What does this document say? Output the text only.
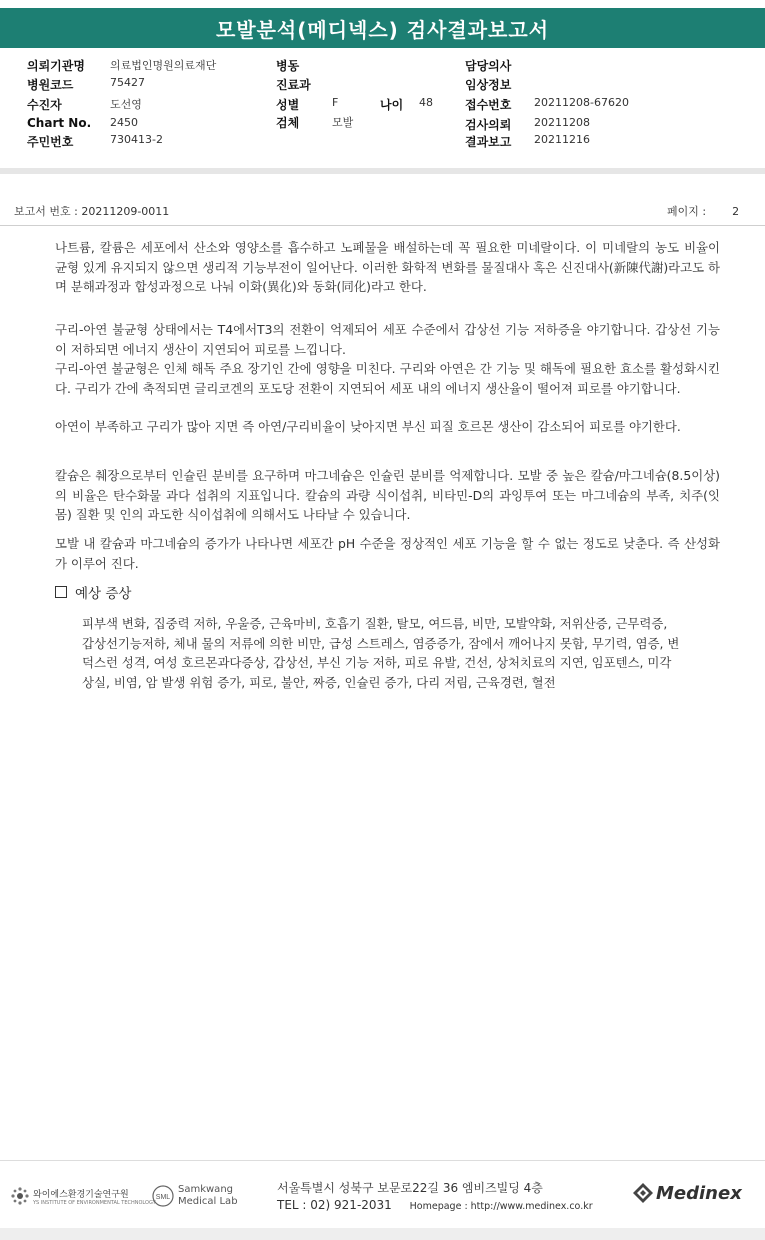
모발분석(메디넥스) 검사결과보고서
의뢰기관명 의료법인명원의료재단
병원코드	75427
수진자	도선영
Chart No. 2450
주민번호	730413-2
병동
진료과
성별	F	나이 48
검체	모발
담당의사
임상정보
접수번호 20211208-67620
검사의뢰 20211208
결과보고 20211216
보고서 번호 : 20211209-0011	페이지 : 2

나트륨, 칼륨은 세포에서 산소와 영양소를 흡수하고 노폐물을 배설하는데 꼭 필요한 미네랄이다. 이 미네랄의 농도 비율이 균형 있게 유지되지 않으면 생리적 기능부전이 일어난다. 이러한 화학적 변화를 물질대사 혹은 신진대사(新陳代謝)라고도 하며 분해과정과 합성과정으로 나눠 이화(異化)와 동화(同化)라고 한다.

구리-아연 불균형 상태에서는 T4에서T3의 전환이 억제되어 세포 수준에서 갑상선 기능 저하증을 야기합니다. 갑상선 기능이 저하되면 에너지 생산이 지연되어 피로를 느낍니다.

구리-아연 불균형은 인체 해독 주요 장기인 간에 영향을 미친다. 구리와 아연은 간 기능 및 해독에 필요한 효소를 활성화시킨다. 구리가 간에 축적되면 글리코겐의 포도당 전환이 지연되어 세포 내의 에너지 생산율이 떨어져 피로를 야기합니다.

아연이 부족하고 구리가 많아 지면 즉 아연/구리비율이 낮아지면 부신 피질 호르몬 생산이 감소되어 피로를 야기한다.

칼슘은 췌장으로부터 인슐린 분비를 요구하며 마그네슘은 인슐린 분비를 억제합니다. 모발 중 높은 칼슘/마그네슘(8.5이상)의 비율은 탄수화물 과다 섭취의 지표입니다. 칼슘의 과량 식이섭취, 비타민-D의 과잉투여 또는 마그네슘의 부족, 치주(잇몸) 질환 및 인의 과도한 식이섭취에 의해서도 나타날 수 있습니다.

모발 내 칼슘과 마그네슘의 증가가 나타나면 세포간 pH 수준을 정상적인 세포 기능을 할 수 없는 정도로 낮춘다. 즉 산성화가 이루어 진다.

예상 증상

피부색 변화, 집중력 저하, 우울증, 근육마비, 호흡기 질환, 탈모, 여드름, 비만, 모발약화, 저위산증, 근무력증, 갑상선기능저하, 체내 물의 저류에 의한 비만, 급성 스트레스, 염증증가, 잠에서 깨어나지 못함, 무기력, 염증, 변덕스런 성격, 여성 호르몬과다증상, 갑상선, 부신 기능 저하, 피로 유발, 건선, 상처치료의 지연, 임포텐스, 미각상실, 비염, 암 발생 위험 증가, 피로, 불안, 짜증, 인슐린 증가, 다리 저림, 근육경련, 혈전

와이에스환경기술연구원
YS INSTITUTE OF ENVIRONMENTAL TECHNOLOGY
SML
Samkwang
Medical Lab
서울특별시 성북구 보문로22길 36 엠비즈빌딩 4층
TEL : 02) 921-2031 Homepage : http://www.medinex.co.kr
Medinex
